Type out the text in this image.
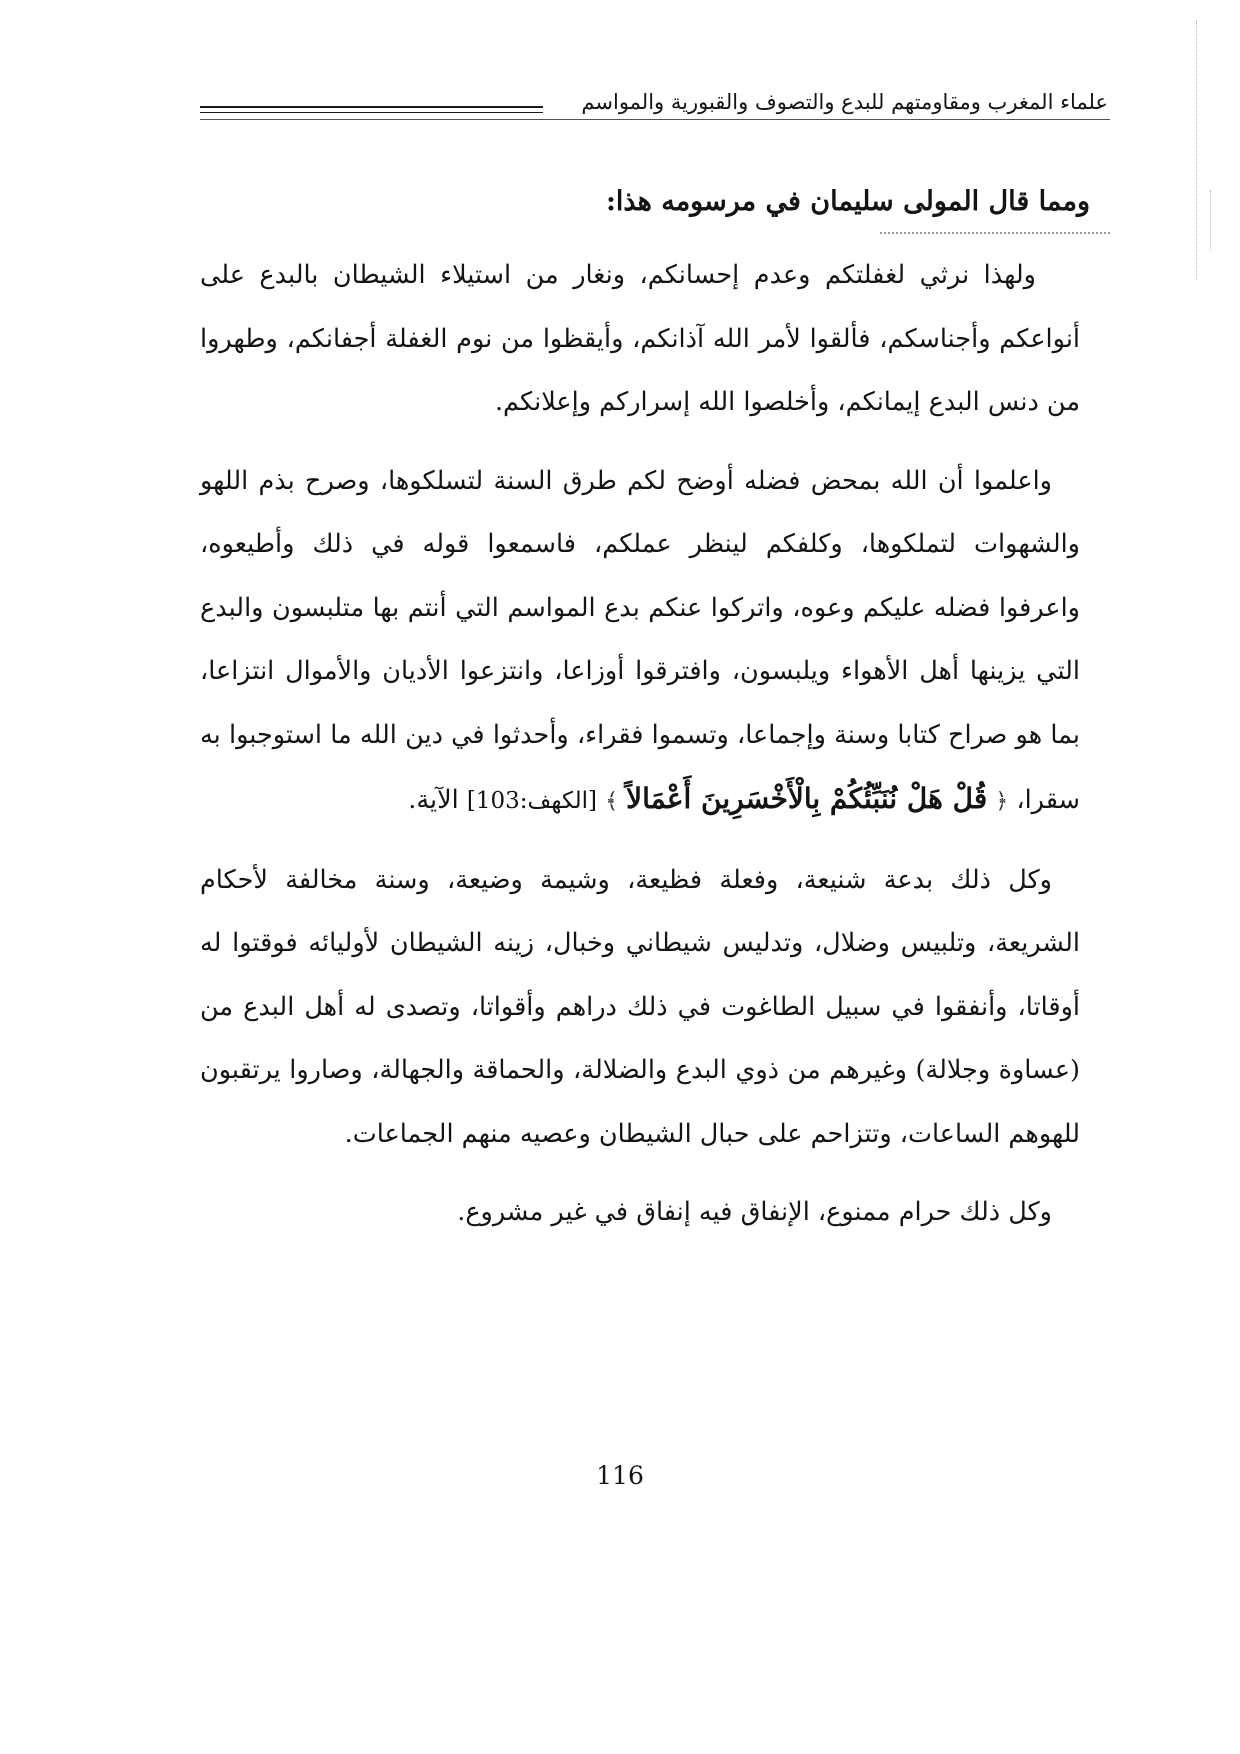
علماء المغرب ومقاومتهم للبدع والتصوف والقبورية والمواسم
ومما قال المولى سليمان في مرسومه هذا:

ولهذا نرثي لغفلتكم وعدم إحسانكم، ونغار من استيلاء الشيطان بالبدع على أنواعكم وأجناسكم، فألقوا لأمر الله آذانكم، وأيقظوا من نوم الغفلة أجفانكم، وطهروا من دنس البدع إيمانكم، وأخلصوا الله إسراركم وإعلانكم.

واعلموا أن الله بمحض فضله أوضح لكم طرق السنة لتسلكوها، وصرح بذم اللهو والشهوات لتملكوها، وكلفكم لينظر عملكم، فاسمعوا قوله في ذلك وأطيعوه، واعرفوا فضله عليكم وعوه، واتركوا عنكم بدع المواسم التي أنتم بها متلبسون والبدع التي يزينها أهل الأهواء ويلبسون، وافترقوا أوزاعا، وانتزعوا الأديان والأموال انتزاعا، بما هو صراح كتابا وسنة وإجماعا، وتسموا فقراء، وأحدثوا في دين الله ما استوجبوا به سقرا، ﴿ قُلْ هَلْ نُنَبِّئُكُمْ بِالْأَخْسَرِينَ أَعْمَالاً ﴾ [الكهف:103] الآية.

وكل ذلك بدعة شنيعة، وفعلة فظيعة، وشيمة وضيعة، وسنة مخالفة لأحكام الشريعة، وتلبيس وضلال، وتدليس شيطاني وخبال، زينه الشيطان لأوليائه فوقتوا له أوقاتا، وأنفقوا في سبيل الطاغوت في ذلك دراهم وأقواتا، وتصدى له أهل البدع من (عساوة وجلالة) وغيرهم من ذوي البدع والضلالة، والحماقة والجهالة، وصاروا يرتقبون للهوهم الساعات، وتتزاحم على حبال الشيطان وعصيه منهم الجماعات.

وكل ذلك حرام ممنوع، الإنفاق فيه إنفاق في غير مشروع.

116
